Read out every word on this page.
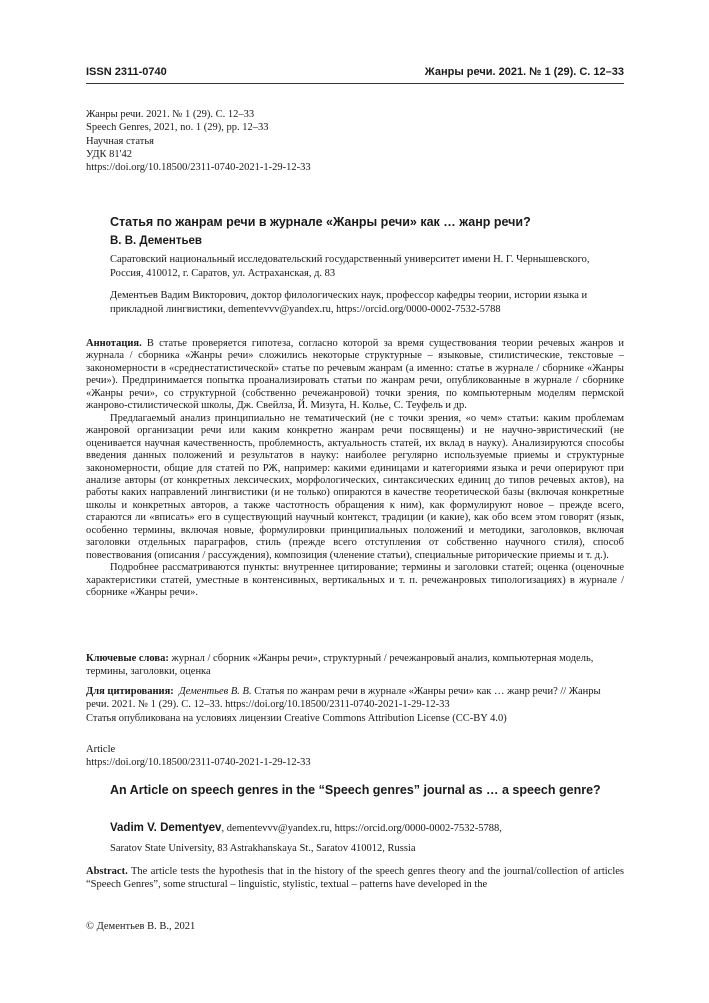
ISSN 2311-0740	Жанры речи. 2021. № 1 (29). С. 12–33
Жанры речи. 2021. № 1 (29). С. 12–33
Speech Genres, 2021, no. 1 (29), pp. 12–33
Научная статья
УДК 81'42
https://doi.org/10.18500/2311-0740-2021-1-29-12-33
Статья по жанрам речи в журнале «Жанры речи» как … жанр речи?
В. В. Дементьев
Саратовский национальный исследовательский государственный университет имени Н. Г. Чернышевского, Россия, 410012, г. Саратов, ул. Астраханская, д. 83
Дементьев Вадим Викторович, доктор филологических наук, профессор кафедры теории, истории языка и прикладной лингвистики, dementevvv@yandex.ru, https://orcid.org/0000-0002-7532-5788

Аннотация. В статье проверяется гипотеза, согласно которой за время существования теории речевых жанров и журнала / сборника «Жанры речи» сложились некоторые структурные – языковые, стилистические, текстовые – закономерности в «среднестатистической» статье по речевым жанрам (а именно: статье в журнале / сборнике «Жанры речи»). Предпринимается попытка проанализировать статьи по жанрам речи, опубликованные в журнале / сборнике «Жанры речи», со структурной (собственно речежанровой) точки зрения, по компьютерным моделям пермской жанрово-стилистической школы, Дж. Свейлза, Й. Мизута, Н. Колье, С. Теуфель и др.

Предлагаемый анализ принципиально не тематический (не с точки зрения, «о чем» статьи: каким проблемам жанровой организации речи или каким конкретно жанрам речи посвящены) и не научно-эвристический (не оценивается научная качественность, проблемность, актуальность статей, их вклад в науку). Анализируются способы введения данных положений и результатов в науку: наиболее регулярно используемые приемы и структурные закономерности, общие для статей по РЖ, например: какими единицами и категориями языка и речи оперируют при анализе авторы (от конкретных лексических, морфологических, синтаксических единиц до типов речевых актов), на работы каких направлений лингвистики (и не только) опираются в качестве теоретической базы (включая конкретные школы и конкретных авторов, а также частотность обращения к ним), как формулируют новое – прежде всего, стараются ли «вписать» его в существующий научный контекст, традиции (и какие), как обо всем этом говорят (язык, особенно термины, включая новые, формулировки принципиальных положений и методики, заголовков, включая заголовки отдельных параграфов, стиль (прежде всего отступления от собственно научного стиля), способ повествования (описания / рассуждения), композиция (членение статьи), специальные риторические приемы и т. д.).

Подробнее рассматриваются пункты: внутреннее цитирование; термины и заголовки статей; оценка (оценочные характеристики статей, уместные в контенсивных, вертикальных и т. п. речежанровых типологизациях) в журнале / сборнике «Жанры речи».

Ключевые слова: журнал / сборник «Жанры речи», структурный / речежанровый анализ, компьютерная модель, термины, заголовки, оценка
Для цитирования: Дементьев В. В. Статья по жанрам речи в журнале «Жанры речи» как … жанр речи? // Жанры речи. 2021. № 1 (29). С. 12–33. https://doi.org/10.18500/2311-0740-2021-1-29-12-33
Статья опубликована на условиях лицензии Creative Commons Attribution License (CC-BY 4.0)
Article
https://doi.org/10.18500/2311-0740-2021-1-29-12-33
An Article on speech genres in the “Speech genres” journal as … a speech genre?
Vadim V. Dementyev, dementevvv@yandex.ru, https://orcid.org/0000-0002-7532-5788,
Saratov State University, 83 Astrakhanskaya St., Saratov 410012, Russia
Abstract. The article tests the hypothesis that in the history of the speech genres theory and the journal/collection of articles “Speech Genres”, some structural – linguistic, stylistic, textual – patterns have developed in the
© Дементьев В. В., 2021
